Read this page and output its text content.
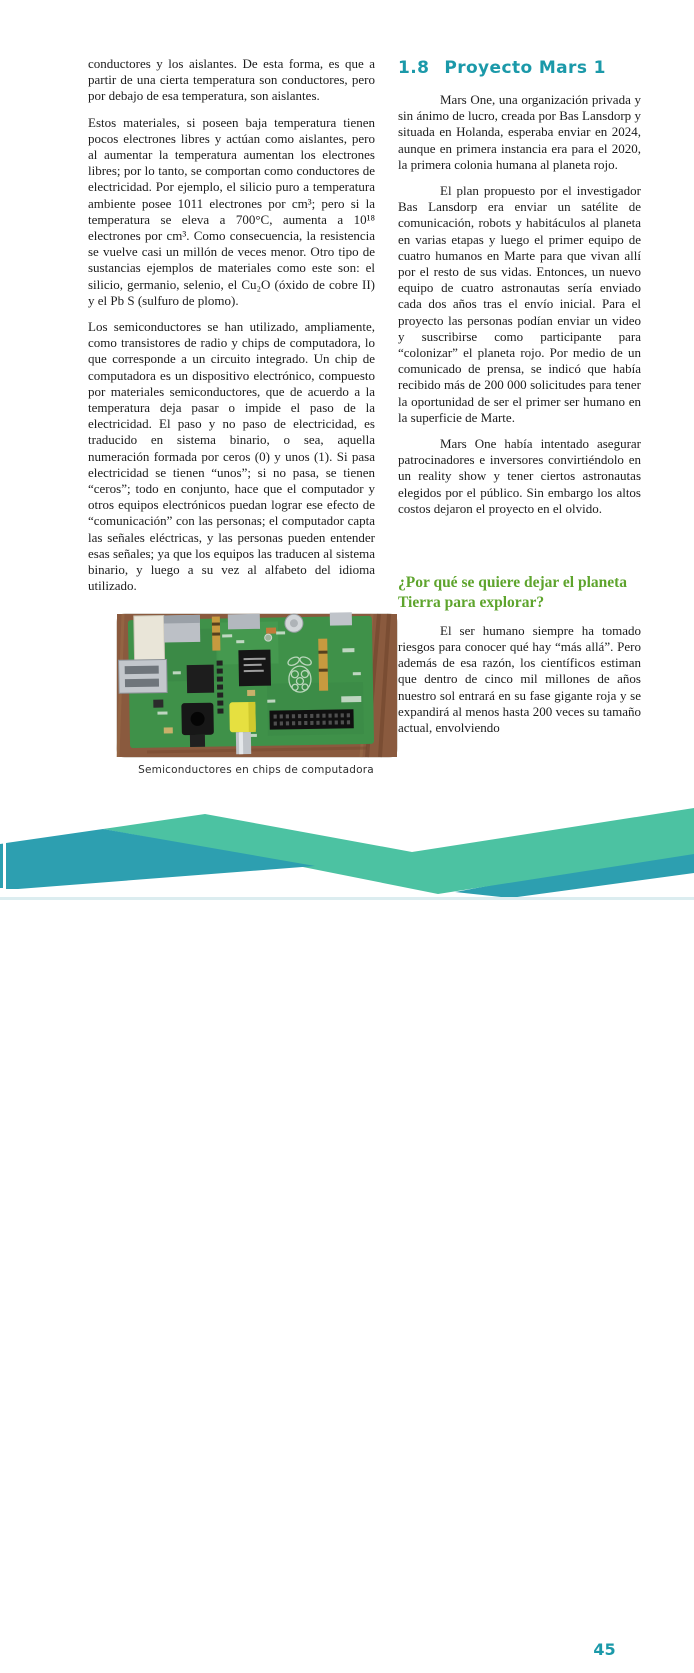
conductores y los aislantes. De esta forma, es que a partir de una cierta temperatura son conductores, pero por debajo de esa temperatura, son aislantes.

Estos materiales, si poseen baja temperatura tienen pocos electrones libres y actúan como aislantes, pero al aumentar la temperatura aumentan los electrones libres; por lo tanto, se comportan como conductores de electricidad. Por ejemplo, el silicio puro a temperatura ambiente posee 1011 electrones por cm³; pero si la temperatura se eleva a 700°C, aumenta a 10¹⁸ electrones por cm³. Como consecuencia, la resistencia se vuelve casi un millón de veces menor. Otro tipo de sustancias ejemplos de materiales como este son: el silicio, germanio, selenio, el Cu₂O (óxido de cobre II) y el Pb S (sulfuro de plomo).

Los semiconductores se han utilizado, ampliamente, como transistores de radio y chips de computadora, lo que corresponde a un circuito integrado. Un chip de computadora es un dispositivo electrónico, compuesto por materiales semiconductores, que de acuerdo a la temperatura deja pasar o impide el paso de la electricidad. El paso y no paso de electricidad, es traducido en sistema binario, o sea, aquella numeración formada por ceros (0) y unos (1). Si pasa electricidad se tienen “unos”; si no pasa, se tienen “ceros”; todo en conjunto, hace que el computador y otros equipos electrónicos puedan lograr ese efecto de “comunicación” con las personas; el computador capta las señales eléctricas, y las personas pueden entender esas señales; ya que los equipos las traducen al sistema binario, y luego a su vez al alfabeto del idioma utilizado.

Semiconductores en chips de computadora
1.8 Proyecto Mars 1

Mars One, una organización privada y sin ánimo de lucro, creada por Bas Lansdorp y situada en Holanda, esperaba enviar en 2024, aunque en primera instancia era para el 2020, la primera colonia humana al planeta rojo.

El plan propuesto por el investigador Bas Lansdorp era enviar un satélite de comunicación, robots y habitáculos al planeta en varias etapas y luego el primer equipo de cuatro humanos en Marte para que vivan allí por el resto de sus vidas. Entonces, un nuevo equipo de cuatro astronautas sería enviado cada dos años tras el envío inicial. Para el proyecto las personas podían enviar un video y suscribirse como participante para “colonizar” el planeta rojo. Por medio de un comunicado de prensa, se indicó que había recibido más de 200 000 solicitudes para tener la oportunidad de ser el primer ser humano en la superficie de Marte.

Mars One había intentado asegurar patrocinadores e inversores convirtiéndolo en un reality show y tener ciertos astronautas elegidos por el público. Sin embargo los altos costos dejaron el proyecto en el olvido.

¿Por qué se quiere dejar el planeta Tierra para explorar?

El ser humano siempre ha tomado riesgos para conocer qué hay “más allá”. Pero además de esa razón, los científicos estiman que dentro de cinco mil millones de años nuestro sol entrará en su fase gigante roja y se expandirá al menos hasta 200 veces su tamaño actual, envolviendo

Física 10º 45
